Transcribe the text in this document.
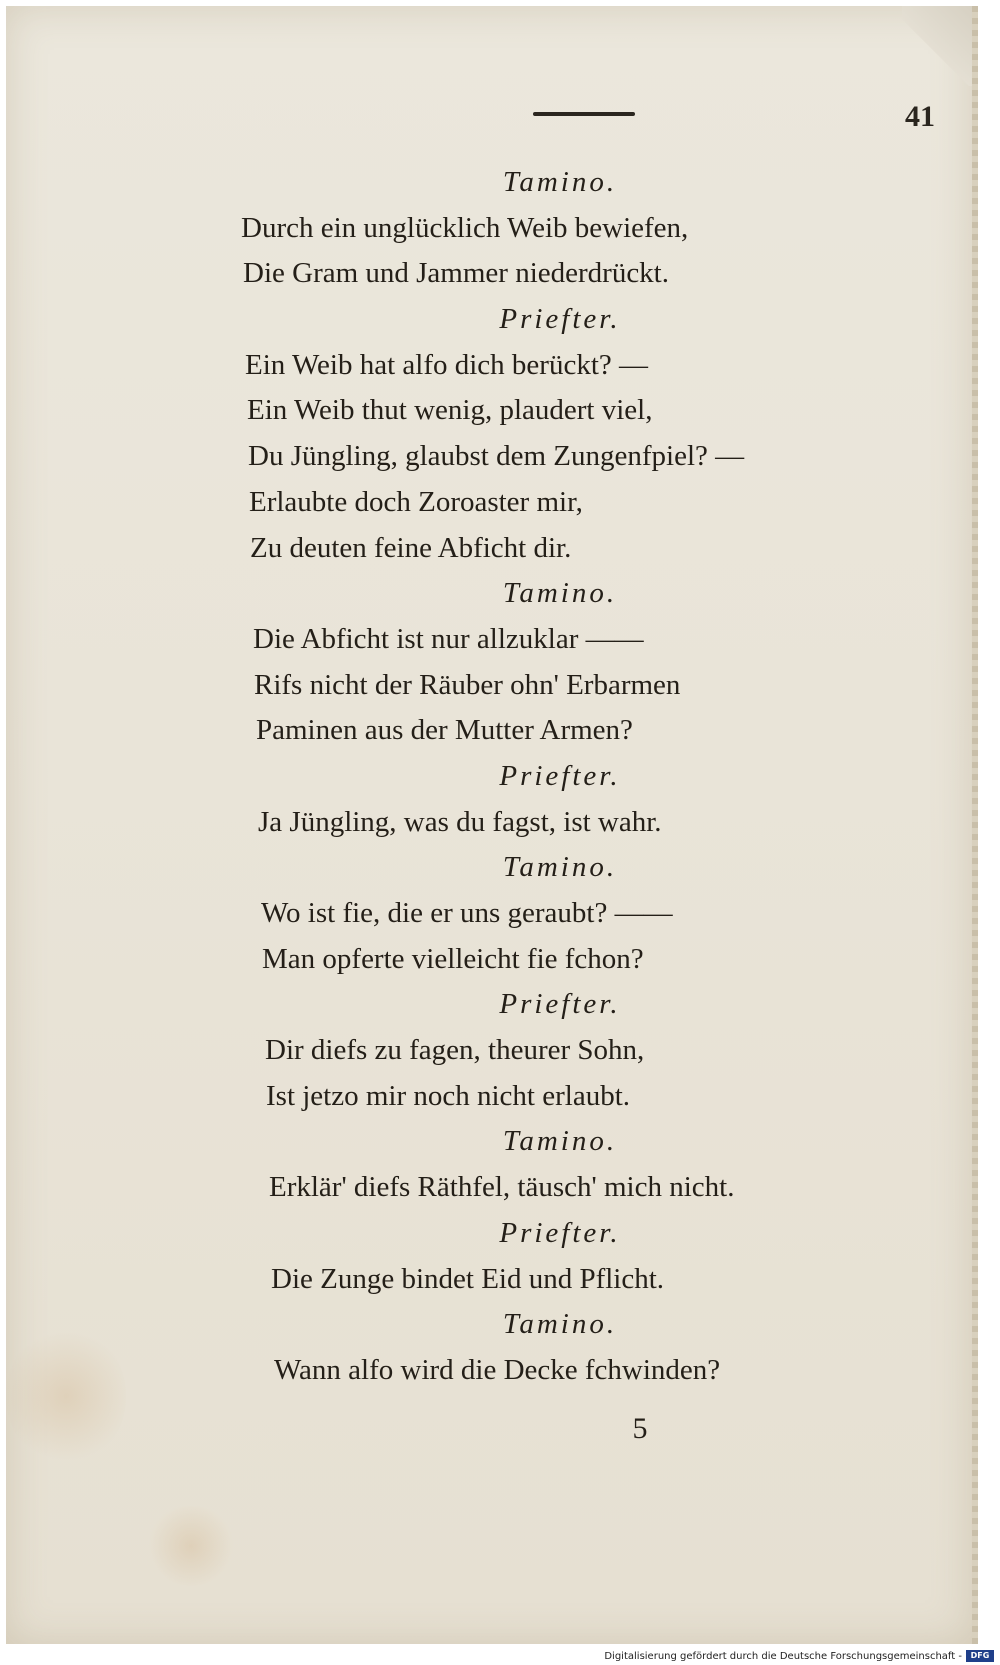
41
Tamino.
Durch ein unglücklich Weib bewiefen,
Die Gram und Jammer niederdrückt.
Priefter.
Ein Weib hat alfo dich berückt? —
Ein Weib thut wenig, plaudert viel,
Du Jüngling, glaubst dem Zungenfpiel? —
Erlaubte doch Zoroaster mir,
Zu deuten feine Abficht dir.
Tamino.
Die Abficht ist nur allzuklar ——
Rifs nicht der Räuber ohn' Erbarmen
Paminen aus der Mutter Armen?
Priefter.
Ja Jüngling, was du fagst, ist wahr.
Tamino.
Wo ist fie, die er uns geraubt? ——
Man opferte vielleicht fie fchon?
Priefter.
Dir diefs zu fagen, theurer Sohn,
Ist jetzo mir noch nicht erlaubt.
Tamino.
Erklär' diefs Räthfel, täusch' mich nicht.
Priefter.
Die Zunge bindet Eid und Pflicht.
Tamino.
Wann alfo wird die Decke fchwinden?
5
Digitalisierung gefördert durch die Deutsche Forschungsgemeinschaft -	DFG
